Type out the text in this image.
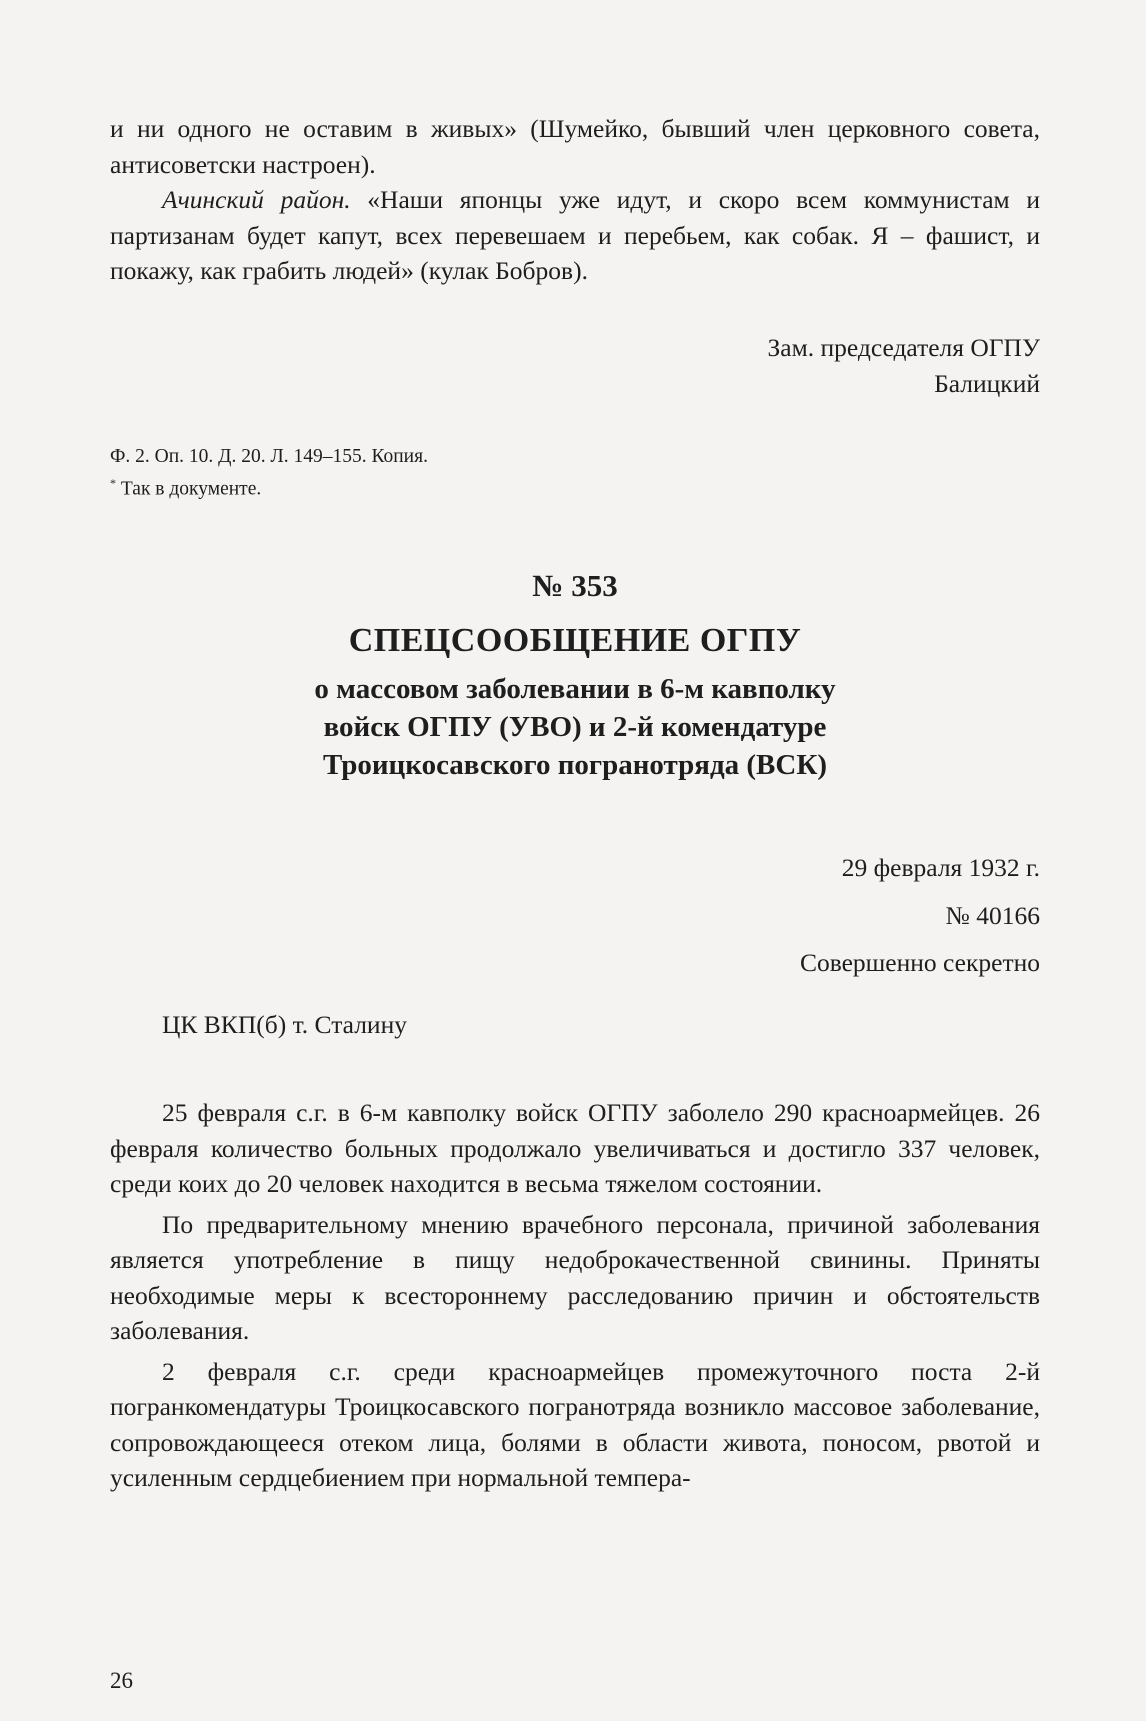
и ни одного не оставим в живых» (Шумейко, бывший член церковного совета, антисоветски настроен).

Ачинский район. «Наши японцы уже идут, и скоро всем коммунистам и партизанам будет капут, всех перевешаем и перебьем, как собак. Я – фашист, и покажу, как грабить людей» (кулак Бобров).

Зам. председателя ОГПУ

Балицкий

Ф. 2. Оп. 10. Д. 20. Л. 149–155. Копия.

* Так в документе.

№ 353

СПЕЦСООБЩЕНИЕ ОГПУ

о массовом заболевании в 6-м кавполку

войск ОГПУ (УВО) и 2-й комендатуре

Троицкосавского погранотряда (ВСК)

29 февраля 1932 г.

№ 40166

Совершенно секретно

ЦК ВКП(б) т. Сталину

25 февраля с.г. в 6-м кавполку войск ОГПУ заболело 290 красноармейцев. 26 февраля количество больных продолжало увеличиваться и достигло 337 человек, среди коих до 20 человек находится в весьма тяжелом состоянии.

По предварительному мнению врачебного персонала, причиной заболевания является употребление в пищу недоброкачественной свинины. Приняты необходимые меры к всестороннему расследованию причин и обстоятельств заболевания.

2 февраля с.г. среди красноармейцев промежуточного поста 2-й погранкомендатуры Троицкосавского погранотряда возникло массовое заболевание, сопровождающееся отеком лица, болями в области живота, поносом, рвотой и усиленным сердцебиением при нормальной темпера-

26
